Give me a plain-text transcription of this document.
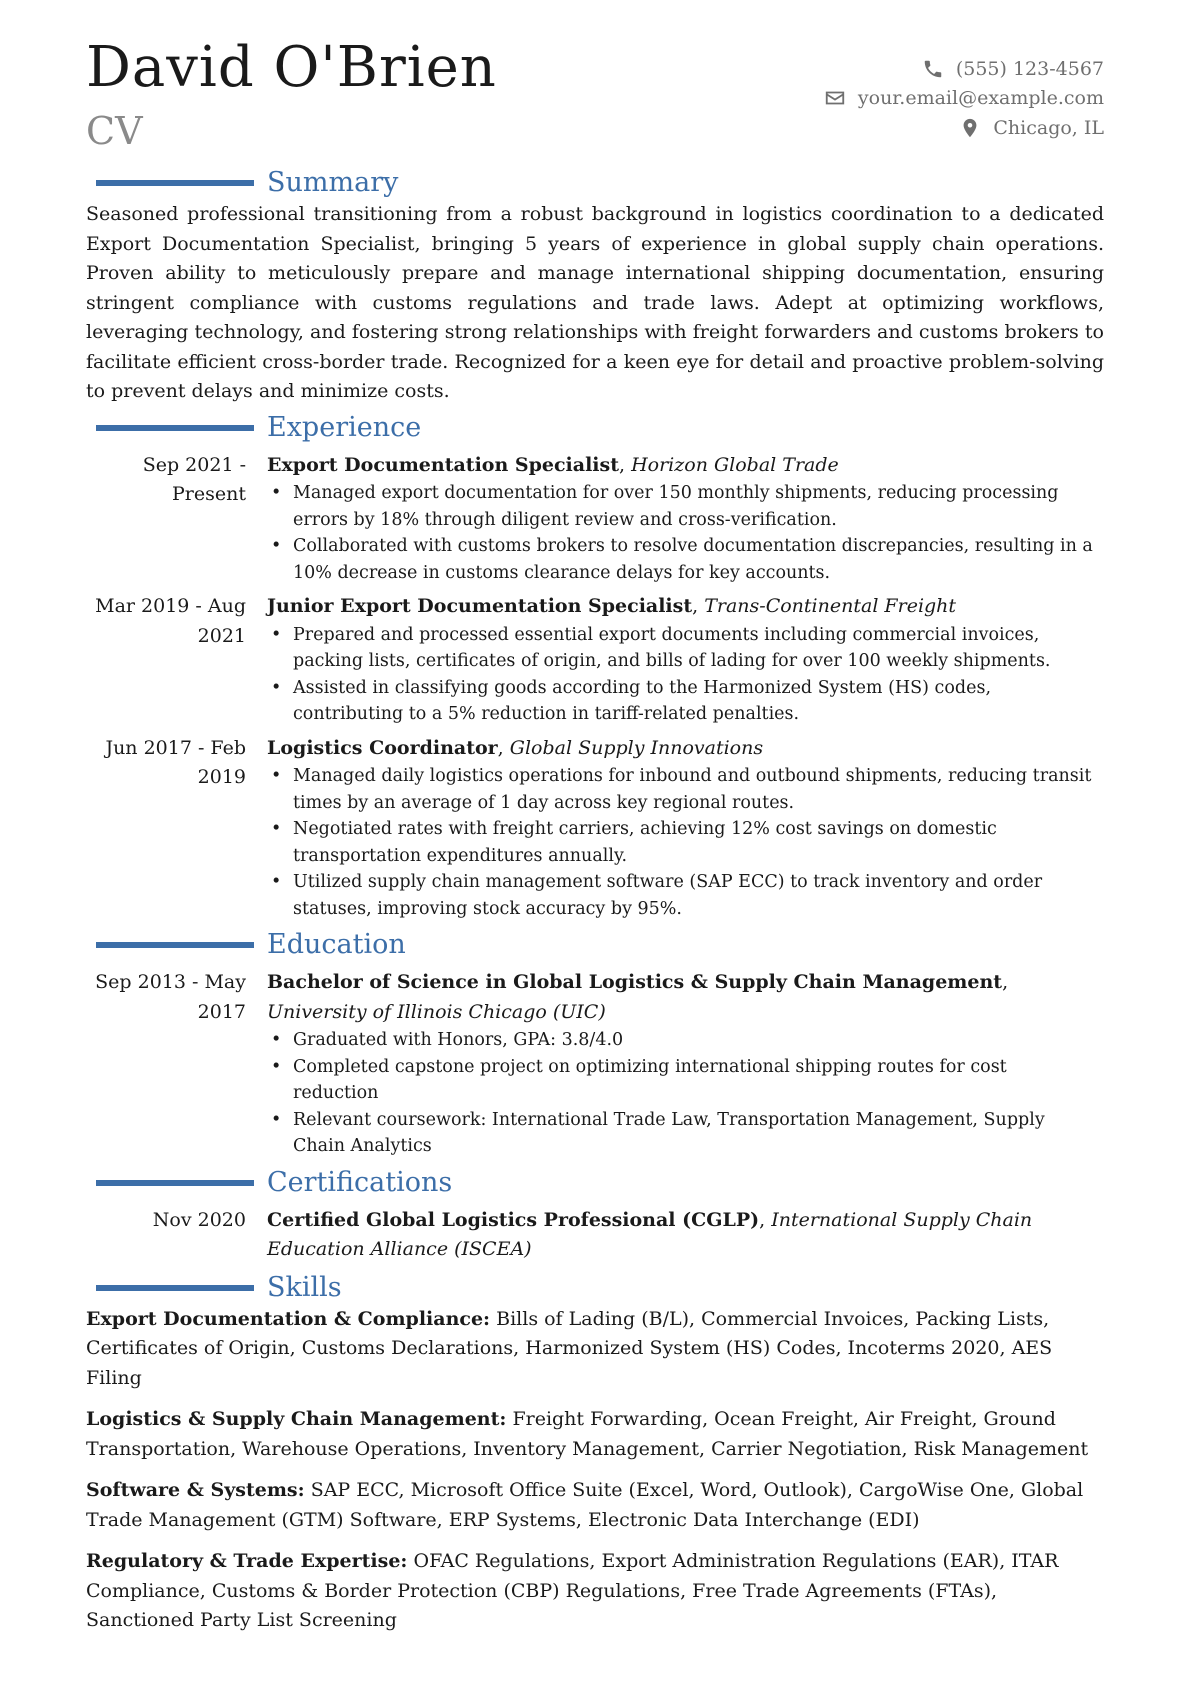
David O'Brien
CV
(555) 123-4567
your.email@example.com
Chicago, IL
Summary

Seasoned professional transitioning from a robust background in logistics coordination to a dedicated Export Documentation Specialist, bringing 5 years of experience in global supply chain operations. Proven ability to meticulously prepare and manage international shipping documentation, ensuring stringent compliance with customs regulations and trade laws. Adept at optimizing workflows, leveraging technology, and fostering strong relationships with freight forwarders and customs brokers to facilitate efficient cross-border trade. Recognized for a keen eye for detail and proactive problem-solving to prevent delays and minimize costs.

Experience
Sep 2021 - Present
Export Documentation Specialist, Horizon Global Trade
• Managed export documentation for over 150 monthly shipments, reducing processing errors by 18% through diligent review and cross-verification.
• Collaborated with customs brokers to resolve documentation discrepancies, resulting in a 10% decrease in customs clearance delays for key accounts.
Mar 2019 - Aug 2021
Junior Export Documentation Specialist, Trans-Continental Freight
• Prepared and processed essential export documents including commercial invoices, packing lists, certificates of origin, and bills of lading for over 100 weekly shipments.
• Assisted in classifying goods according to the Harmonized System (HS) codes, contributing to a 5% reduction in tariff-related penalties.
Jun 2017 - Feb 2019
Logistics Coordinator, Global Supply Innovations
• Managed daily logistics operations for inbound and outbound shipments, reducing transit times by an average of 1 day across key regional routes.
• Negotiated rates with freight carriers, achieving 12% cost savings on domestic transportation expenditures annually.
• Utilized supply chain management software (SAP ECC) to track inventory and order statuses, improving stock accuracy by 95%.
Education
Sep 2013 - May 2017
Bachelor of Science in Global Logistics & Supply Chain Management, University of Illinois Chicago (UIC)
• Graduated with Honors, GPA: 3.8/4.0
• Completed capstone project on optimizing international shipping routes for cost reduction
• Relevant coursework: International Trade Law, Transportation Management, Supply Chain Analytics
Certifications
Nov 2020	Certified Global Logistics Professional (CGLP), International Supply Chain Education Alliance (ISCEA)
Skills

Export Documentation & Compliance: Bills of Lading (B/L), Commercial Invoices, Packing Lists, Certificates of Origin, Customs Declarations, Harmonized System (HS) Codes, Incoterms 2020, AES Filing

Logistics & Supply Chain Management: Freight Forwarding, Ocean Freight, Air Freight, Ground Transportation, Warehouse Operations, Inventory Management, Carrier Negotiation, Risk Management

Software & Systems: SAP ECC, Microsoft Office Suite (Excel, Word, Outlook), CargoWise One, Global Trade Management (GTM) Software, ERP Systems, Electronic Data Interchange (EDI)

Regulatory & Trade Expertise: OFAC Regulations, Export Administration Regulations (EAR), ITAR Compliance, Customs & Border Protection (CBP) Regulations, Free Trade Agreements (FTAs), Sanctioned Party List Screening
